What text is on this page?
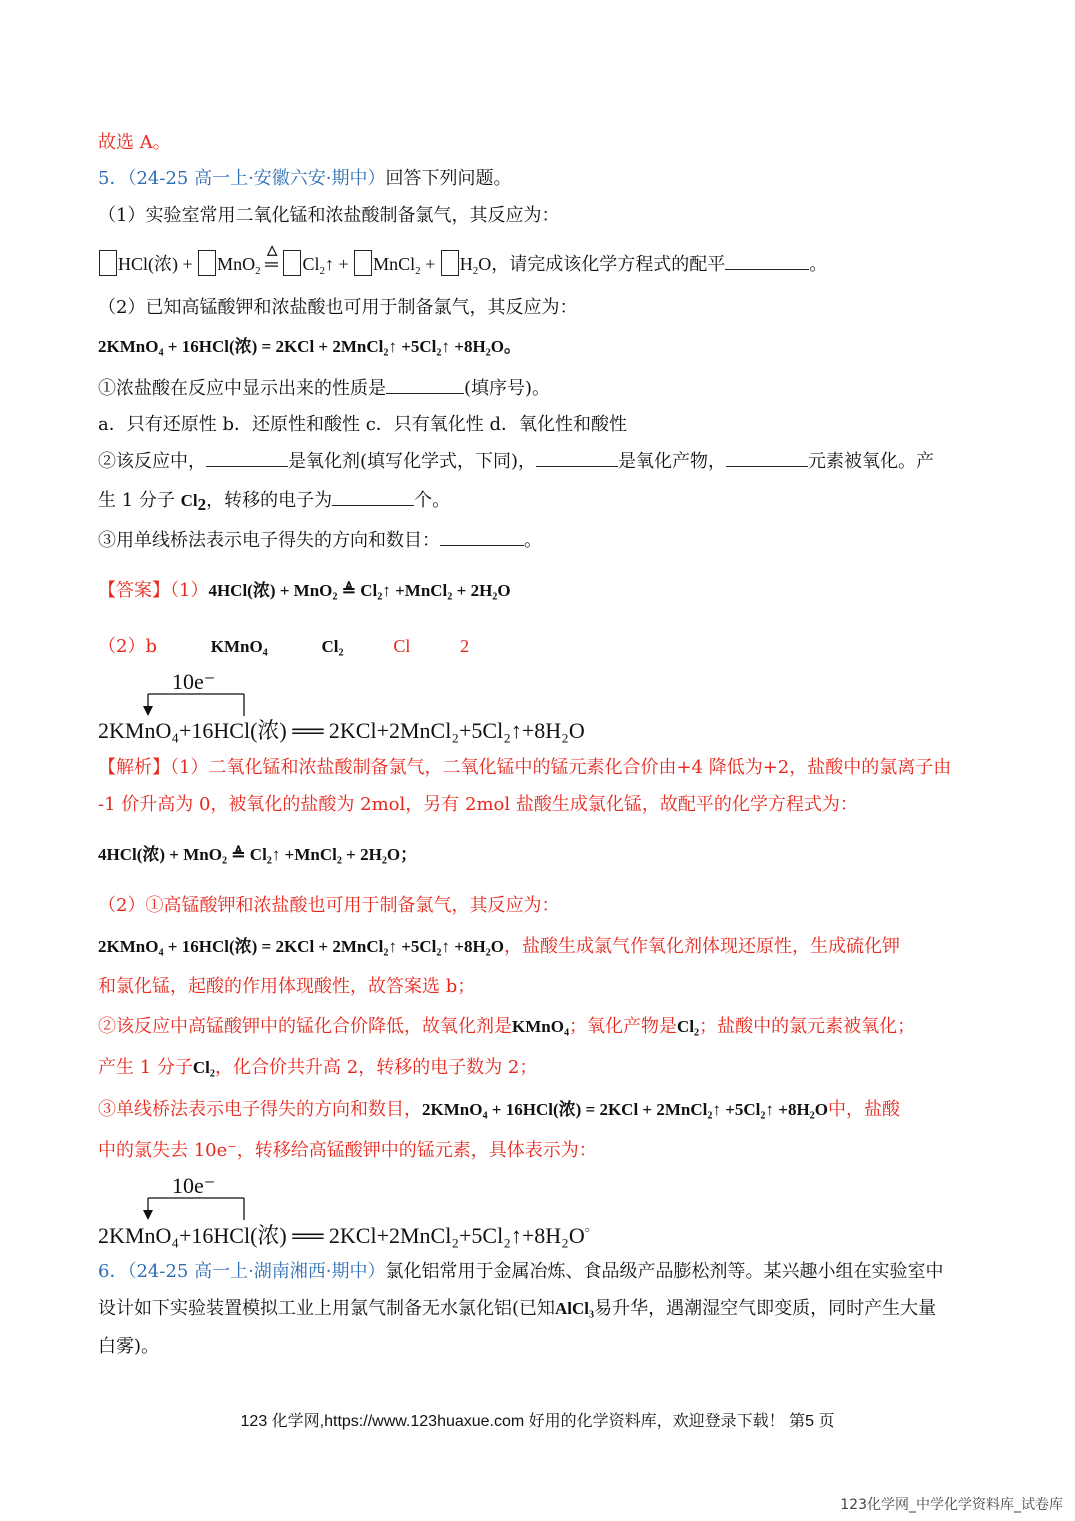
故选 A。
5．（24-25 高一上·安徽六安·期中）回答下列问题。
（1）实验室常用二氧化锰和浓盐酸制备氯气，其反应为：
HCl(浓) + MnO$_2$
△
═ $Cl_2↑$ + MnCl$_2$ + $H_2O$，请完成该化学方程式的配平	。
（2）已知高锰酸钾和浓盐酸也可用于制备氯气，其反应为：
2KMnO₄ + 16HCl(浓) = 2KCl + 2MnCl₂↑ +5Cl₂↑ +8H₂O。
①浓盐酸在反应中显示出来的性质是	(填序号)。
a．只有还原性 b．还原性和酸性 c．只有氧化性 d．氧化性和酸性
②该反应中，	是氧化剂(填写化学式，下同)，	是氧化产物，	元素被氧化。产
生 1 分子 $Cl_2$，转移的电子为	个。
③用单线桥法表示电子得失的方向和数目：	。
【答案】（1）4HCl(浓) + MnO₂ ≜ Cl₂↑ +MnCl₂ + 2H₂O
（2）b	KMnO₄	Cl₂	Cl	2
10e⁻
2KMnO₄+16HCl(浓) ══ 2KCl+2MnCl₂+5Cl₂↑+8H₂O
【解析】（1）二氧化锰和浓盐酸制备氯气，二氧化锰中的锰元素化合价由+4 降低为+2，盐酸中的氯离子由
-1 价升高为 0，被氧化的盐酸为 2mol，另有 2mol 盐酸生成氯化锰，故配平的化学方程式为：
4HCl(浓) + MnO₂ ≜ Cl₂↑ +MnCl₂ + 2H₂O；
（2）①高锰酸钾和浓盐酸也可用于制备氯气，其反应为：
2KMnO₄ + 16HCl(浓) = 2KCl + 2MnCl₂↑ +5Cl₂↑ +8H₂O，盐酸生成氯气作氧化剂体现还原性，生成硫化钾
和氯化锰，起酸的作用体现酸性，故答案选 b；
②该反应中高锰酸钾中的锰化合价降低，故氧化剂是KMnO₄；氧化产物是Cl₂；盐酸中的氯元素被氧化；
产生 1 分子Cl₂，化合价共升高 2，转移的电子数为 2；
③单线桥法表示电子得失的方向和数目，2KMnO₄ + 16HCl(浓) = 2KCl + 2MnCl₂↑ +5Cl₂↑ +8H₂O中，盐酸
中的氯失去 10e⁻，转移给高锰酸钾中的锰元素，具体表示为：
10e⁻
2KMnO₄+16HCl(浓) ══ 2KCl+2MnCl₂+5Cl₂↑+8H₂O。
6．（24-25 高一上·湖南湘西·期中）氯化铝常用于金属冶炼、食品级产品膨松剂等。某兴趣小组在实验室中
设计如下实验装置模拟工业上用氯气制备无水氯化铝(已知AlCl₃易升华，遇潮湿空气即变质，同时产生大量
白雾)。
123 化学网,https://www.123huaxue.com 好用的化学资料库，欢迎登录下载！ 第5 页
123化学网_中学化学资料库_试卷库
